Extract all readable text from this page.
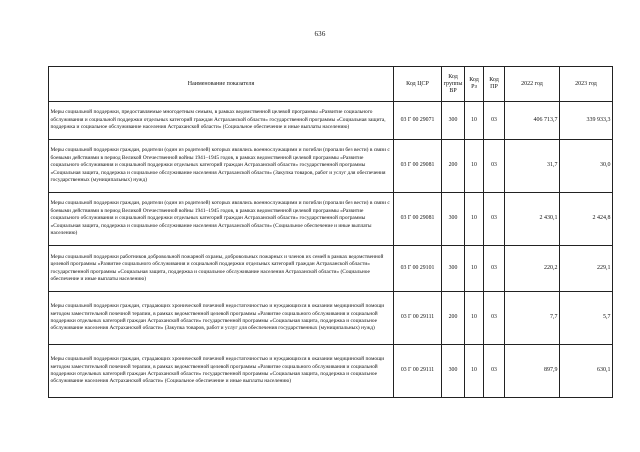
636
Наименование показателя	Код ЦСР	Код группы ВР	Код Рз	Код ПР	2022 год	2023 год
Меры социальной поддержки, предоставляемые многодетным семьям, в рамках ведомственной целевой программы «Развитие социального обслуживания и социальной поддержки отдельных категорий граждан Астраханской области» государственной программы «Социальная защита, поддержка и социальное обслуживание населения Астраханской области» (Социальное обеспечение и иные выплаты населению)	03 Г 00 29071	300	10	03	406 713,7	339 933,3
Меры социальной поддержки граждан, родители (один из родителей) которых являлись военнослужащими и погибли (пропали без вести) в связи с боевыми действиями в период Великой Отечественной войны 1941–1945 годов, в рамках ведомственной целевой программы «Развитие социального обслуживания и социальной поддержки отдельных категорий граждан Астраханской области» государственной программы «Социальная защита, поддержка и социальное обслуживание населения Астраханской области» (Закупка товаров, работ и услуг для обеспечения государственных (муниципальных) нужд)	03 Г 00 29081	200	10	03	31,7	30,0
Меры социальной поддержки граждан, родители (один из родителей) которых являлись военнослужащими и погибли (пропали без вести) в связи с боевыми действиями в период Великой Отечественной войны 1941–1945 годов, в рамках ведомственной целевой программы «Развитие социального обслуживания и социальной поддержки отдельных категорий граждан Астраханской области» государственной программы «Социальная защита, поддержка и социальное обслуживание населения Астраханской области» (Социальное обеспечение и иные выплаты населению)	03 Г 00 29081	300	10	03	2 430,1	2 424,8
Меры социальной поддержки работников добровольной пожарной охраны, добровольных пожарных и членов их семей в рамках ведомственной целевой программы «Развитие социального обслуживания и социальной поддержки отдельных категорий граждан Астраханской области» государственной программы «Социальная защита, поддержка и социальное обслуживание населения Астраханской области» (Социальное обеспечение и иные выплаты населению)	03 Г 00 29101	300	10	03	220,2	229,1
Меры социальной поддержки граждан, страдающих хронической почечной недостаточностью и нуждающихся в оказании медицинской помощи методом заместительной почечной терапии, в рамках ведомственной целевой программы «Развитие социального обслуживания и социальной поддержки отдельных категорий граждан Астраханской области» государственной программы «Социальная защита, поддержка и социальное обслуживание населения Астраханской области» (Закупка товаров, работ и услуг для обеспечения государственных (муниципальных) нужд)	03 Г 00 29111	200	10	03	7,7	5,7
Меры социальной поддержки граждан, страдающих хронической почечной недостаточностью и нуждающихся в оказании медицинской помощи методом заместительной почечной терапии, в рамках ведомственной целевой программы «Развитие социального обслуживания и социальной поддержки отдельных категорий граждан Астраханской области» государственной программы «Социальная защита, поддержка и социальное обслуживание населения Астраханской области» (Социальное обеспечение и иные выплаты населению)	03 Г 00 29111	300	10	03	897,9	630,1
